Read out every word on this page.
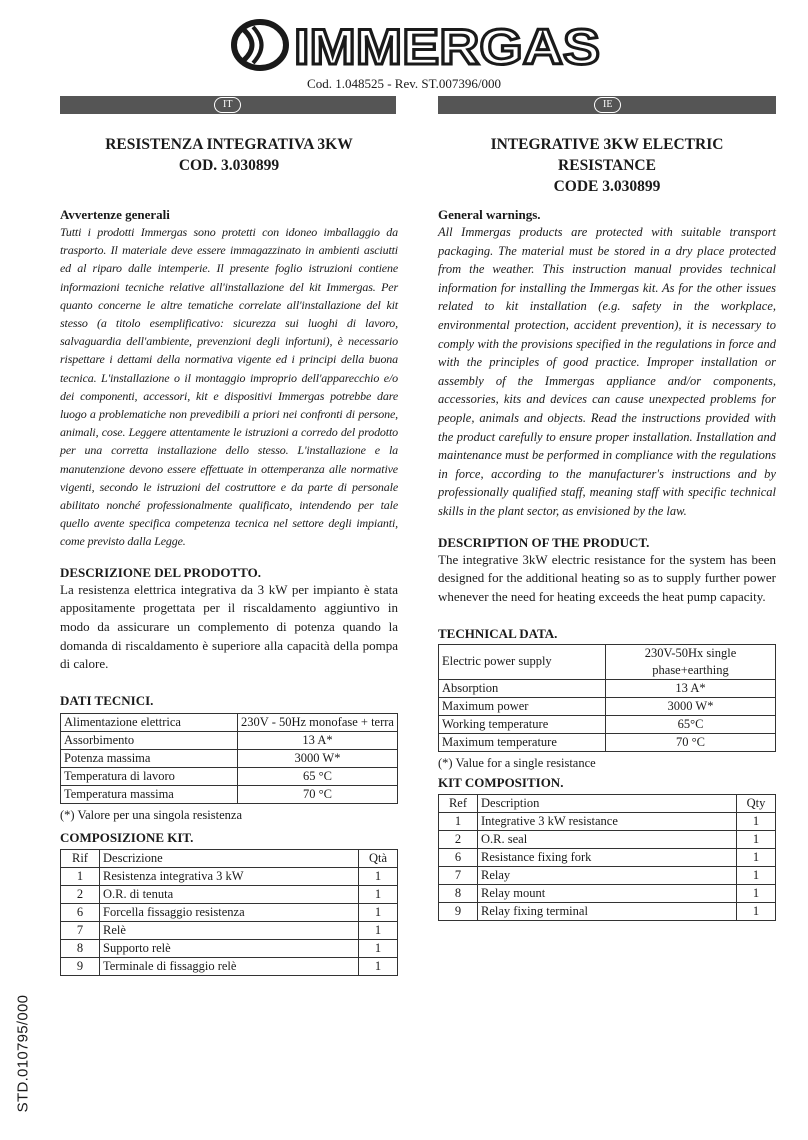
IMMERGAS
Cod. 1.048525 - Rev. ST.007396/000
IT	IE

RESISTENZA INTEGRATIVA 3KW

COD. 3.030899

Avvertenze generali

Tutti i prodotti Immergas sono protetti con idoneo imballaggio da trasporto. Il materiale deve essere immagazzinato in ambienti asciutti ed al riparo dalle intemperie. Il presente foglio istruzioni contiene informazioni tecniche relative all'installazione del kit Immergas. Per quanto concerne le altre tematiche correlate all'installazione del kit stesso (a titolo esemplificativo: sicurezza sui luoghi di lavoro, salvaguardia dell'ambiente, prevenzioni degli infortuni), è necessario rispettare i dettami della normativa vigente ed i principi della buona tecnica. L'installazione o il montaggio improprio dell'apparecchio e/o dei componenti, accessori, kit e dispositivi Immergas potrebbe dare luogo a problematiche non prevedibili a priori nei confronti di persone, animali, cose. Leggere attentamente le istruzioni a corredo del prodotto per una corretta installazione dello stesso. L'installazione e la manutenzione devono essere effettuate in ottemperanza alle normative vigenti, secondo le istruzioni del costruttore e da parte di personale abilitato nonché professionalmente qualificato, intendendo per tale quello avente specifica competenza tecnica nel settore degli impianti, come previsto dalla Legge.

DESCRIZIONE DEL PRODOTTO.

La resistenza elettrica integrativa da 3 kW per impianto è stata appositamente progettata per il riscaldamento aggiuntivo in modo da assicurare un complemento di potenza quando la domanda di riscaldamento è superiore alla capacità della pompa di calore.

DATI TECNICI.

Alimentazione elettrica	230V - 50Hz monofase + terra
Assorbimento	13 A*
Potenza massima	3000 W*
Temperatura di lavoro	65 °C
Temperatura massima	70 °C

(*) Valore per una singola resistenza

COMPOSIZIONE KIT.

Rif	Descrizione	Qtà
1	Resistenza integrativa 3 kW	1
2	O.R. di tenuta	1
6	Forcella fissaggio resistenza	1
7	Relè	1
8	Supporto relè	1
9	Terminale di fissaggio relè	1

INTEGRATIVE 3KW ELECTRIC

RESISTANCE

CODE 3.030899

General warnings.

All Immergas products are protected with suitable transport packaging. The material must be stored in a dry place protected from the weather. This instruction manual provides technical information for installing the Immergas kit. As for the other issues related to kit installation (e.g. safety in the workplace, environmental protection, accident prevention), it is necessary to comply with the provisions specified in the regulations in force and with the principles of good practice. Improper installation or assembly of the Immergas appliance and/or components, accessories, kits and devices can cause unexpected problems for people, animals and objects. Read the instructions provided with the product carefully to ensure proper installation. Installation and maintenance must be performed in compliance with the regulations in force, according to the manufacturer's instructions and by professionally qualified staff, meaning staff with specific technical skills in the plant sector, as envisioned by the law.

DESCRIPTION OF THE PRODUCT.

The integrative 3kW electric resistance for the system has been designed for the additional heating so as to supply further power whenever the need for heating exceeds the heat pump capacity.

TECHNICAL DATA.

Electric power supply	230V-50Hx single phase+earthing
Absorption	13 A*
Maximum power	3000 W*
Working temperature	65°C
Maximum temperature	70 °C

(*) Value for a single resistance

KIT COMPOSITION.

Ref	Description	Qty
1	Integrative 3 kW resistance	1
2	O.R. seal	1
6	Resistance fixing fork	1
7	Relay	1
8	Relay mount	1
9	Relay fixing terminal	1
STD.010795/000
